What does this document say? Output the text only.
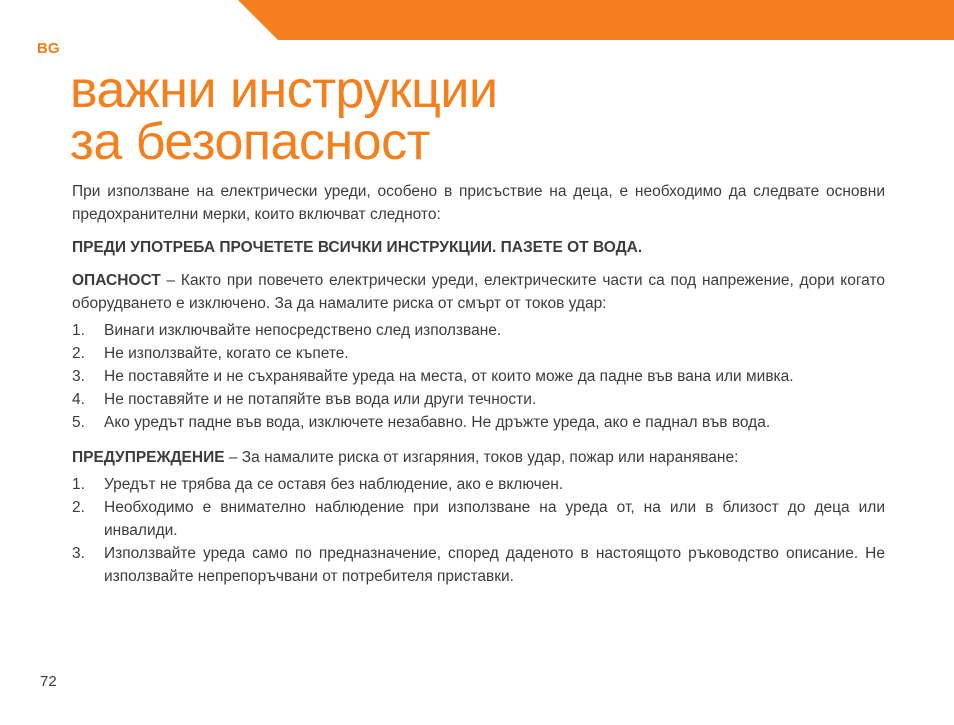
BG
важни инструкции
за безопасност

При използване на електрически уреди, особено в присъствие на деца, е необходимо да следвате основни предохранителни мерки, които включват следното:

ПРЕДИ УПОТРЕБА ПРОЧЕТЕТЕ ВСИЧКИ ИНСТРУКЦИИ. ПАЗЕТЕ ОТ ВОДА.

ОПАСНОСТ – Както при повечето електрически уреди, електрическите части са под напрежение, дори когато оборудването е изключено. За да намалите риска от смърт от токов удар:

1. Винаги изключвайте непосредствено след използване.
2. Не използвайте, когато се къпете.
3. Не поставяйте и не съхранявайте уреда на места, от които може да падне във вана или мивка.
4. Не поставяйте и не потапяйте във вода или други течности.
5. Ако уредът падне във вода, изключете незабавно. Не дръжте уреда, ако е паднал във вода.

ПРЕДУПРЕЖДЕНИЕ – За намалите риска от изгаряния, токов удар, пожар или нараняване:

1. Уредът не трябва да се оставя без наблюдение, ако е включен.
2. Необходимо е внимателно наблюдение при използване на уреда от, на или в близост до деца или инвалиди.
3. Използвайте уреда само по предназначение, според даденото в настоящото ръководство описание. Не използвайте непрепоръчвани от потребителя приставки.
72
